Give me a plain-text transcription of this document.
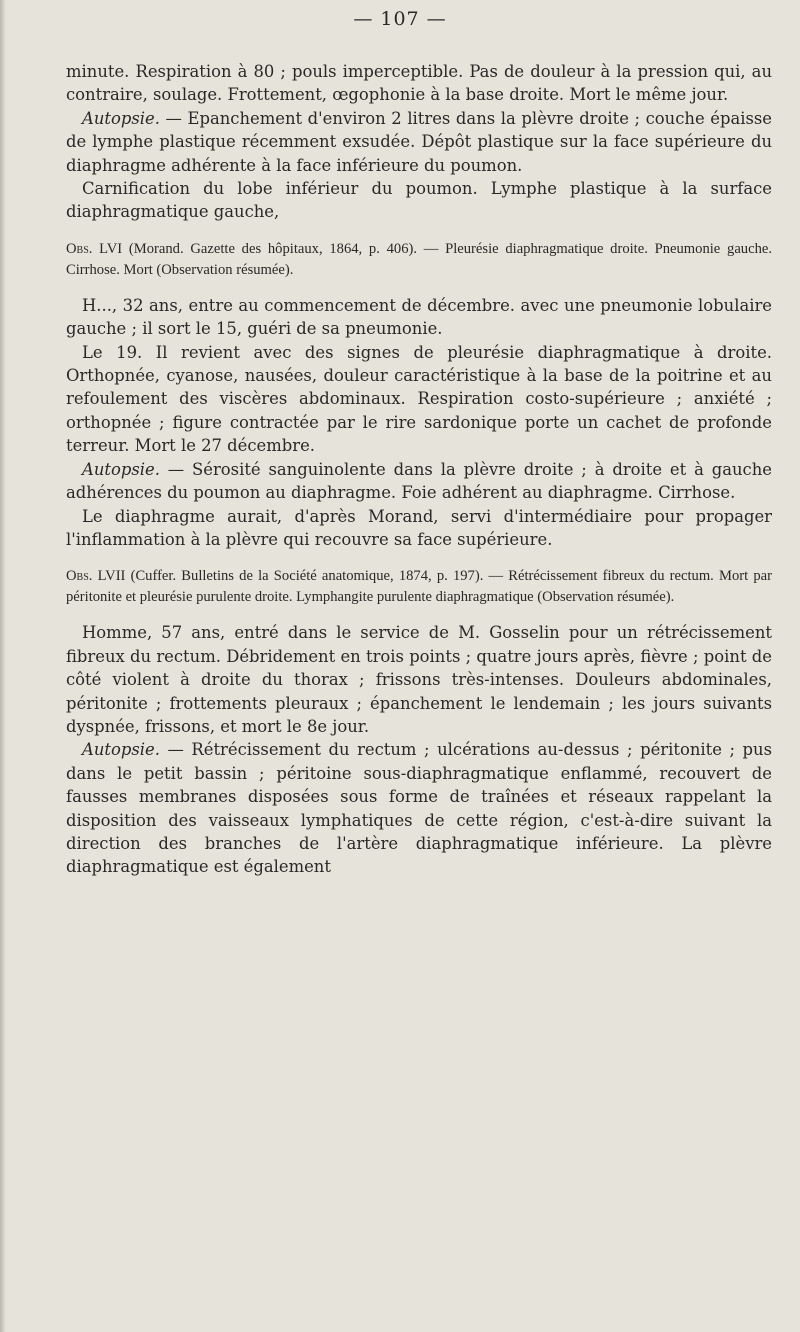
— 107 —

minute. Respiration à 80 ; pouls imperceptible. Pas de douleur à la pression qui, au contraire, soulage. Frottement, œgophonie à la base droite. Mort le même jour.

Autopsie. — Epanchement d'environ 2 litres dans la plèvre droite ; couche épaisse de lymphe plastique récemment exsudée. Dépôt plastique sur la face supérieure du diaphragme adhérente à la face inférieure du poumon.

Carnification du lobe inférieur du poumon. Lymphe plastique à la surface diaphragmatique gauche,

Obs. LVI (Morand. Gazette des hôpitaux, 1864, p. 406). — Pleurésie diaphragmatique droite. Pneumonie gauche. Cirrhose. Mort (Observation résumée).

H..., 32 ans, entre au commencement de décembre. avec une pneumonie lobulaire gauche ; il sort le 15, guéri de sa pneumonie.

Le 19. Il revient avec des signes de pleurésie diaphragmatique à droite. Orthopnée, cyanose, nausées, douleur caractéristique à la base de la poitrine et au refoulement des viscères abdominaux. Respiration costo-supérieure ; anxiété ; orthopnée ; figure contractée par le rire sardonique porte un cachet de profonde terreur. Mort le 27 décembre.

Autopsie. — Sérosité sanguinolente dans la plèvre droite ; à droite et à gauche adhérences du poumon au diaphragme. Foie adhérent au diaphragme. Cirrhose.

Le diaphragme aurait, d'après Morand, servi d'intermédiaire pour propager l'inflammation à la plèvre qui recouvre sa face supérieure.

Obs. LVII (Cuffer. Bulletins de la Société anatomique, 1874, p. 197). — Rétrécissement fibreux du rectum. Mort par péritonite et pleurésie purulente droite. Lymphangite purulente diaphragmatique (Observation résumée).

Homme, 57 ans, entré dans le service de M. Gosselin pour un rétrécissement fibreux du rectum. Débridement en trois points ; quatre jours après, fièvre ; point de côté violent à droite du thorax ; frissons très-intenses. Douleurs abdominales, péritonite ; frottements pleuraux ; épanchement le lendemain ; les jours suivants dyspnée, frissons, et mort le 8e jour.

Autopsie. — Rétrécissement du rectum ; ulcérations au-dessus ; péritonite ; pus dans le petit bassin ; péritoine sous-diaphragmatique enflammé, recouvert de fausses membranes disposées sous forme de traînées et réseaux rappelant la disposition des vaisseaux lymphatiques de cette région, c'est-à-dire suivant la direction des branches de l'artère diaphragmatique inférieure. La plèvre diaphragmatique est également
